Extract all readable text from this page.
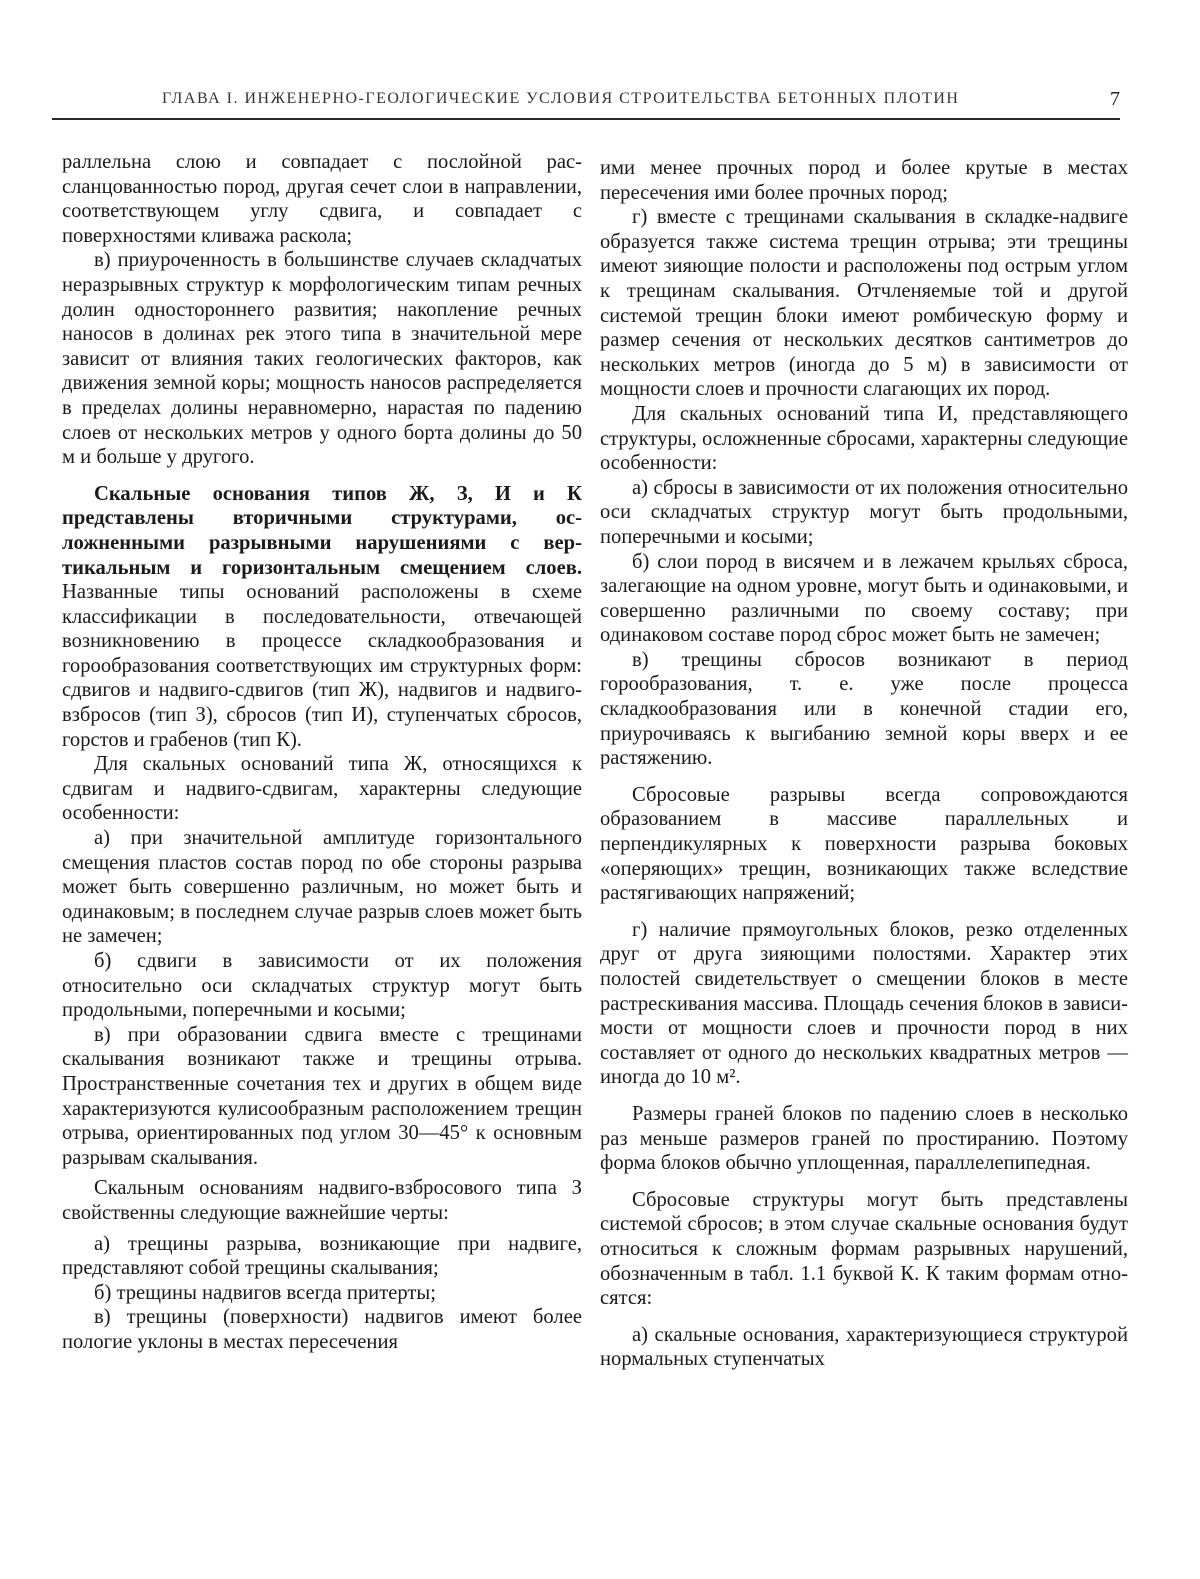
ГЛАВА I. ИНЖЕНЕРНО-ГЕОЛОГИЧЕСКИЕ УСЛОВИЯ СТРОИТЕЛЬСТВА БЕТОННЫХ ПЛОТИН	7

раллельна слою и совпадает с послойной рассланцованностью пород, другая сечет слои в направлении, соответствующем углу сдвига, и совпадает с поверхностями кливажа раскола;

в) приуроченность в большинстве случаев складчатых неразрывных структур к морфологическим типам речных долин одностороннего развития; накопление речных наносов в долинах рек этого типа в значительной мере зависит от влияния таких геологических факторов, как движения земной коры; мощность наносов распределяется в пределах долины неравномерно, нарастая по падению слоев от нескольких метров у одного борта долины до 50 м и больше у другого.

Скальные основания типов Ж, З, И и К представлены вторичными структурами, осложненными разрывными нарушениями с вертикальным и горизонтальным смещением слоев. Названные типы оснований расположены в схеме классификации в последовательности, отвечающей возникновению в процессе складкообразования и горообразования соответствующих им структурных форм: сдвигов и надвиго-сдвигов (тип Ж), надвигов и надвиго-взбросов (тип З), сбросов (тип И), ступенчатых сбросов, горстов и грабенов (тип К).

Для скальных оснований типа Ж, относящихся к сдвигам и надвиго-сдвигам, характерны следующие особенности:

а) при значительной амплитуде горизонтального смещения пластов состав пород по обе стороны разрыва может быть совершенно различным, но может быть и одинаковым; в последнем случае разрыв слоев может быть не замечен;

б) сдвиги в зависимости от их положения относительно оси складчатых структур могут быть продольными, поперечными и косыми;

в) при образовании сдвига вместе с трещинами скалывания возникают также и трещины отрыва. Пространственные сочетания тех и других в общем виде характеризуются кулисообразным расположением трещин отрыва, ориентированных под углом 30—45° к основным разрывам скалывания.

Скальным основаниям надвиго-взбросового типа З свойственны следующие важнейшие черты:

а) трещины разрыва, возникающие при надвиге, представляют собой трещины скалывания;

б) трещины надвигов всегда притерты;

в) трещины (поверхности) надвигов имеют более пологие уклоны в местах пересечения

ими менее прочных пород и более крутые в местах пересечения ими более прочных пород;

г) вместе с трещинами скалывания в складке-надвиге образуется также система трещин отрыва; эти трещины имеют зияющие полости и расположены под острым углом к трещинам скалывания. Отчленяемые той и другой системой трещин блоки имеют ромбическую форму и размер сечения от нескольких десятков сантиметров до нескольких метров (иногда до 5 м) в зависимости от мощности слоев и прочности слагающих их пород.

Для скальных оснований типа И, представляющего структуры, осложненные сбросами, характерны следующие особенности:

а) сбросы в зависимости от их положения относительно оси складчатых структур могут быть продольными, поперечными и косыми;

б) слои пород в висячем и в лежачем крыльях сброса, залегающие на одном уровне, могут быть и одинаковыми, и совершенно различными по своему составу; при одинаковом составе пород сброс может быть не замечен;

в) трещины сбросов возникают в период горообразования, т. е. уже после процесса складкообразования или в конечной стадии его, приурочиваясь к выгибанию земной коры вверх и ее растяжению.

Сбросовые разрывы всегда сопровождаются образованием в массиве параллельных и перпендикулярных к поверхности разрыва боковых «оперяющих» трещин, возникающих также вследствие растягивающих напряжений;

г) наличие прямоугольных блоков, резко отделенных друг от друга зияющими полостями. Характер этих полостей свидетельствует о смещении блоков в месте растрескивания массива. Площадь сечения блоков в зависимости от мощности слоев и прочности пород в них составляет от одного до нескольких квадратных метров — иногда до 10 м².

Размеры граней блоков по падению слоев в несколько раз меньше размеров граней по простиранию. Поэтому форма блоков обычно уплощенная, параллелепипедная.

Сбросовые структуры могут быть представлены системой сбросов; в этом случае скальные основания будут относиться к сложным формам разрывных нарушений, обозначенным в табл. 1.1 буквой К. К таким формам относятся:

а) скальные основания, характеризующиеся структурой нормальных ступенчатых
